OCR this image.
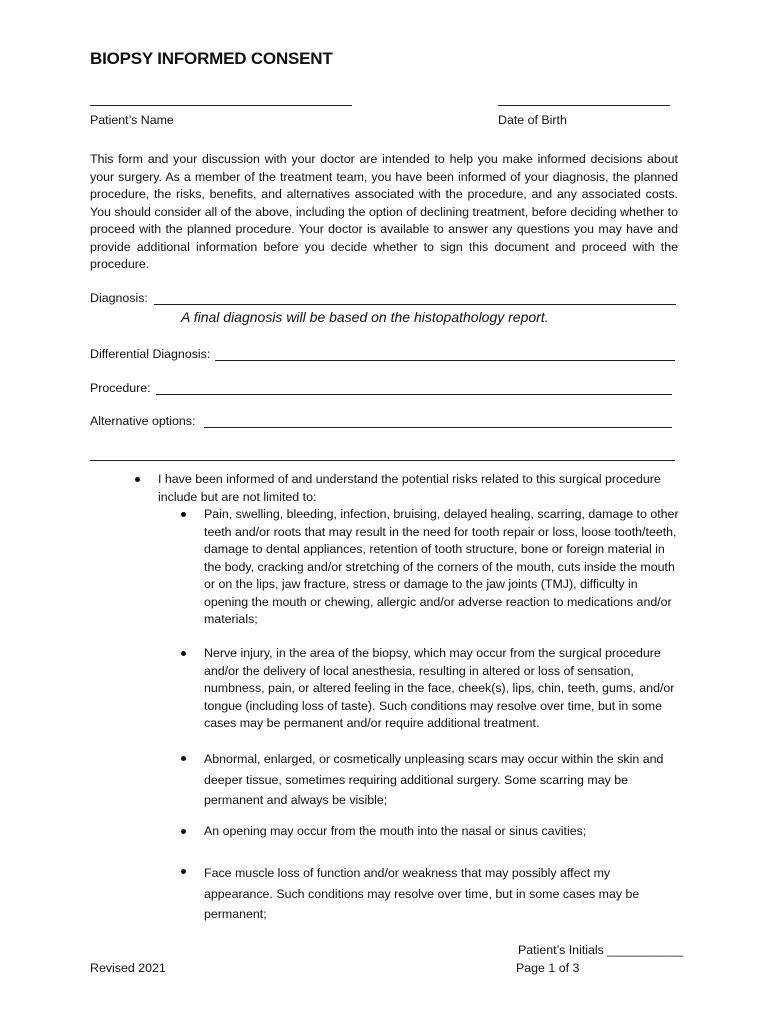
BIOPSY INFORMED CONSENT
Patient’s Name	Date of Birth
This form and your discussion with your doctor are intended to help you make informed decisions about your surgery. As a member of the treatment team, you have been informed of your diagnosis, the planned procedure, the risks, benefits, and alternatives associated with the procedure, and any associated costs. You should consider all of the above, including the option of declining treatment, before deciding whether to proceed with the planned procedure. Your doctor is available to answer any questions you may have and provide additional information before you decide whether to sign this document and proceed with the procedure.
Diagnosis:
A final diagnosis will be based on the histopathology report.
Differential Diagnosis:
Procedure:
Alternative options:
I have been informed of and understand the potential risks related to this surgical procedure include but are not limited to:
Pain, swelling, bleeding, infection, bruising, delayed healing, scarring, damage to other teeth and/or roots that may result in the need for tooth repair or loss, loose tooth/teeth, damage to dental appliances, retention of tooth structure, bone or foreign material in the body, cracking and/or stretching of the corners of the mouth, cuts inside the mouth or on the lips, jaw fracture, stress or damage to the jaw joints (TMJ), difficulty in opening the mouth or chewing, allergic and/or adverse reaction to medications and/or materials;
Nerve injury, in the area of the biopsy, which may occur from the surgical procedure and/or the delivery of local anesthesia, resulting in altered or loss of sensation, numbness, pain, or altered feeling in the face, cheek(s), lips, chin, teeth, gums, and/or tongue (including loss of taste). Such conditions may resolve over time, but in some cases may be permanent and/or require additional treatment.
Abnormal, enlarged, or cosmetically unpleasing scars may occur within the skin and deeper tissue, sometimes requiring additional surgery. Some scarring may be permanent and always be visible;
An opening may occur from the mouth into the nasal or sinus cavities;
Face muscle loss of function and/or weakness that may possibly affect my appearance. Such conditions may resolve over time, but in some cases may be permanent;
Patient’s Initials ___________
Revised 2021	Page 1 of 3
